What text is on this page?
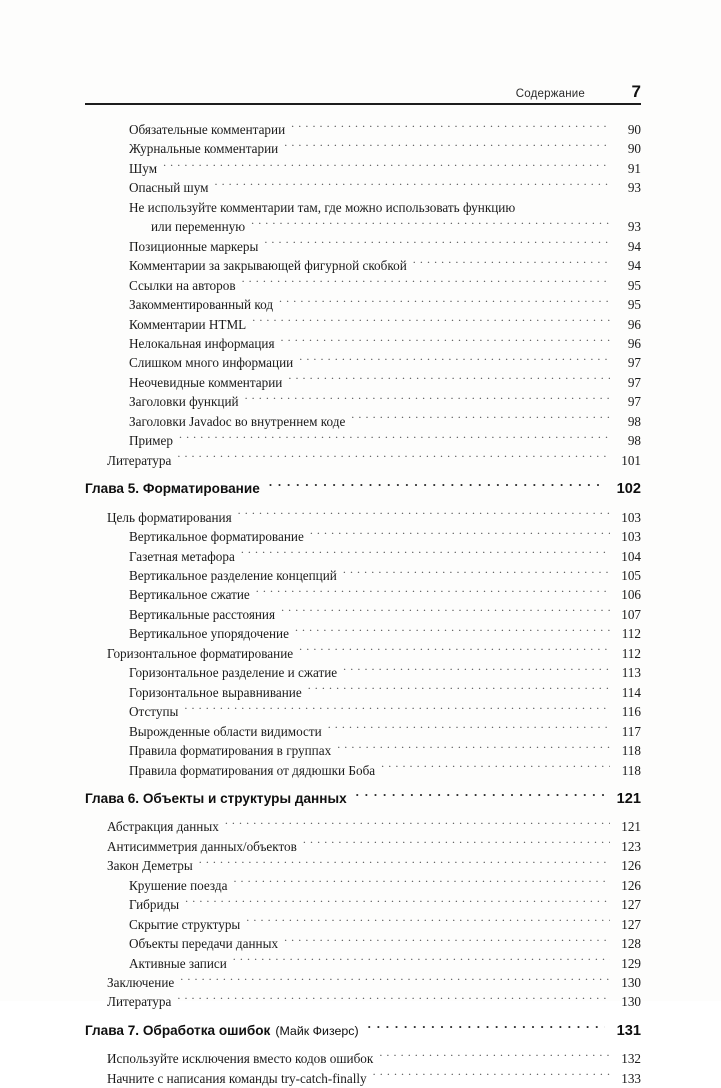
Содержание	7
Обязательные комментарии . . .	90
Журнальные комментарии . . .	90
Шум . . .	91
Опасный шум . . .	93
Не используйте комментарии там, где можно использовать функцию
или переменную . . .	93
Позиционные маркеры . . .	94
Комментарии за закрывающей фигурной скобкой . . .	94
Ссылки на авторов . . .	95
Закомментированный код . . .	95
Комментарии HTML . . .	96
Нелокальная информация . . .	96
Слишком много информации . . .	97
Неочевидные комментарии . . .	97
Заголовки функций . . .	97
Заголовки Javadoc во внутреннем коде . . .	98
Пример . . .	98
Литература . . .	101
Глава 5. Форматирование . . .	102
Цель форматирования . . .	103
Вертикальное форматирование . . .	103
Газетная метафора . . .	104
Вертикальное разделение концепций . . .	105
Вертикальное сжатие . . .	106
Вертикальные расстояния . . .	107
Вертикальное упорядочение . . .	112
Горизонтальное форматирование . . .	112
Горизонтальное разделение и сжатие . . .	113
Горизонтальное выравнивание . . .	114
Отступы . . .	116
Вырожденные области видимости . . .	117
Правила форматирования в группах . . .	118
Правила форматирования от дядюшки Боба . . .	118
Глава 6. Объекты и структуры данных . . .	121
Абстракция данных . . .	121
Антисимметрия данных/объектов . . .	123
Закон Деметры . . .	126
Крушение поезда . . .	126
Гибриды . . .	127
Скрытие структуры . . .	127
Объекты передачи данных . . .	128
Активные записи . . .	129
Заключение . . .	130
Литература . . .	130
Глава 7. Обработка ошибок (Майк Физерс) . . .	131
Используйте исключения вместо кодов ошибок . . .	132
Начните с написания команды try-catch-finally . . .	133
